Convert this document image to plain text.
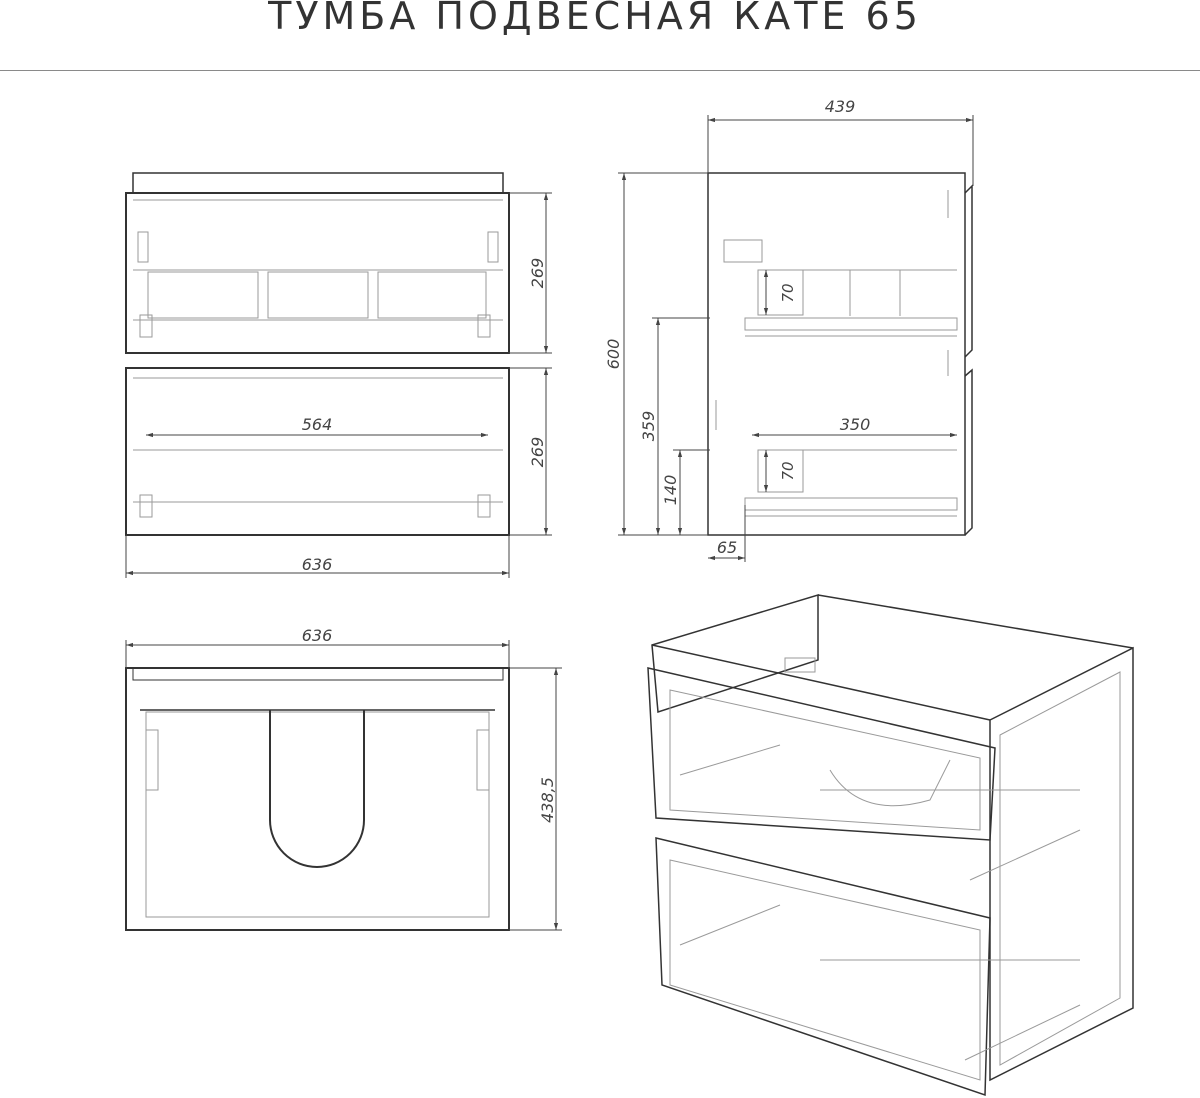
ТУМБА ПОДВЕСНАЯ КАТЕ 65
269
269
564
636
439
600
359
140
65
350
70
70
636
438,5
